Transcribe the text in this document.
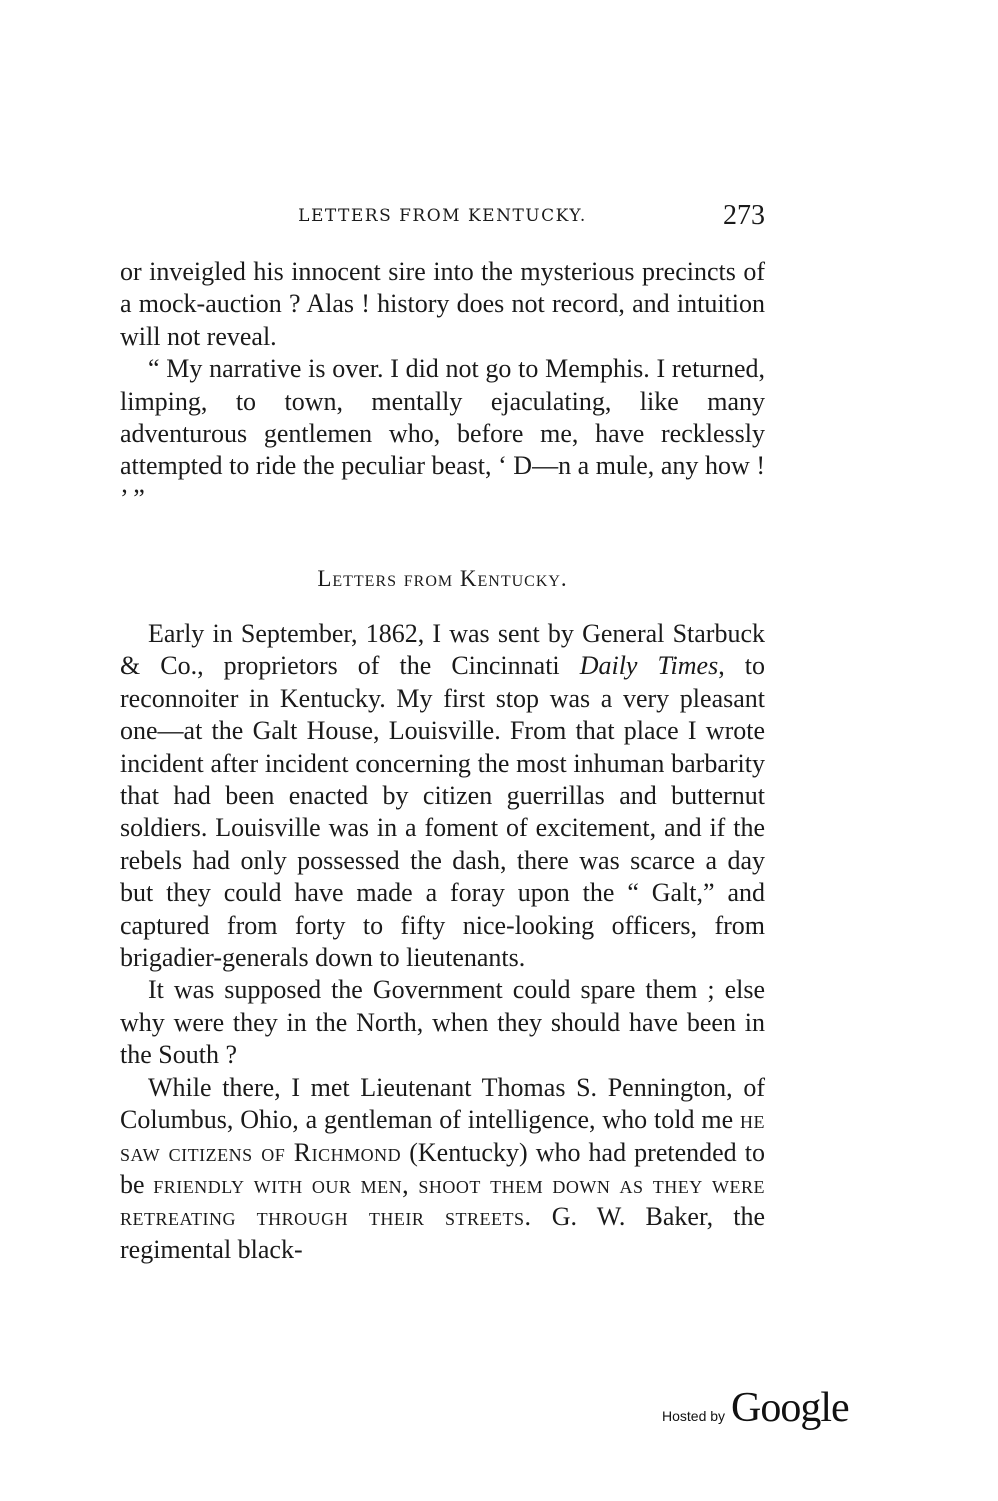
LETTERS FROM KENTUCKY.	273

or inveigled his innocent sire into the mysterious precincts of a mock-auction ? Alas ! history does not record, and intuition will not reveal.

“ My narrative is over. I did not go to Memphis. I returned, limping, to town, mentally ejaculating, like many adventurous gentlemen who, before me, have recklessly attempted to ride the peculiar beast, ‘ D—n a mule, any how ! ’ ”

Letters from Kentucky.

Early in September, 1862, I was sent by General Starbuck & Co., proprietors of the Cincinnati Daily Times, to reconnoiter in Kentucky. My first stop was a very pleasant one—at the Galt House, Louisville. From that place I wrote incident after incident concerning the most inhuman barbarity that had been enacted by citizen guerrillas and butternut soldiers. Louisville was in a foment of excitement, and if the rebels had only possessed the dash, there was scarce a day but they could have made a foray upon the “ Galt,” and captured from forty to fifty nice-looking officers, from brigadier-generals down to lieutenants.

It was supposed the Government could spare them ; else why were they in the North, when they should have been in the South ?

While there, I met Lieutenant Thomas S. Pennington, of Columbus, Ohio, a gentleman of intelligence, who told me he saw citizens of Richmond (Kentucky) who had pretended to be friendly with our men, shoot them down as they were retreating through their streets. G. W. Baker, the regimental black-

Hosted by Google
